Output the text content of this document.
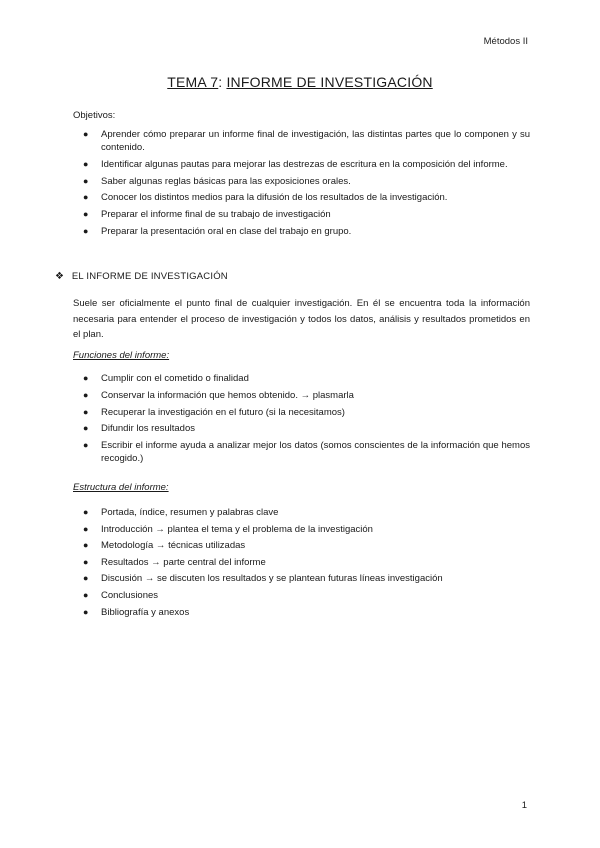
Métodos II
TEMA 7: INFORME DE INVESTIGACIÓN
Objetivos:
● Aprender cómo preparar un informe final de investigación, las distintas partes que lo componen y su contenido.
● Identificar algunas pautas para mejorar las destrezas de escritura en la composición del informe.
● Saber algunas reglas básicas para las exposiciones orales.
● Conocer los distintos medios para la difusión de los resultados de la investigación.
● Preparar el informe final de su trabajo de investigación
● Preparar la presentación oral en clase del trabajo en grupo.
❖ EL INFORME DE INVESTIGACIÓN
Suele ser oficialmente el punto final de cualquier investigación. En él se encuentra toda la información necesaria para entender el proceso de investigación y todos los datos, análisis y resultados prometidos en el plan.
Funciones del informe:
● Cumplir con el cometido o finalidad
● Conservar la información que hemos obtenido. → plasmarla
● Recuperar la investigación en el futuro (si la necesitamos)
● Difundir los resultados
● Escribir el informe ayuda a analizar mejor los datos (somos conscientes de la información que hemos recogido.)
Estructura del informe:
● Portada, índice, resumen y palabras clave
● Introducción → plantea el tema y el problema de la investigación
● Metodología → técnicas utilizadas
● Resultados → parte central del informe
● Discusión → se discuten los resultados y se plantean futuras líneas investigación
● Conclusiones
● Bibliografía y anexos
1
